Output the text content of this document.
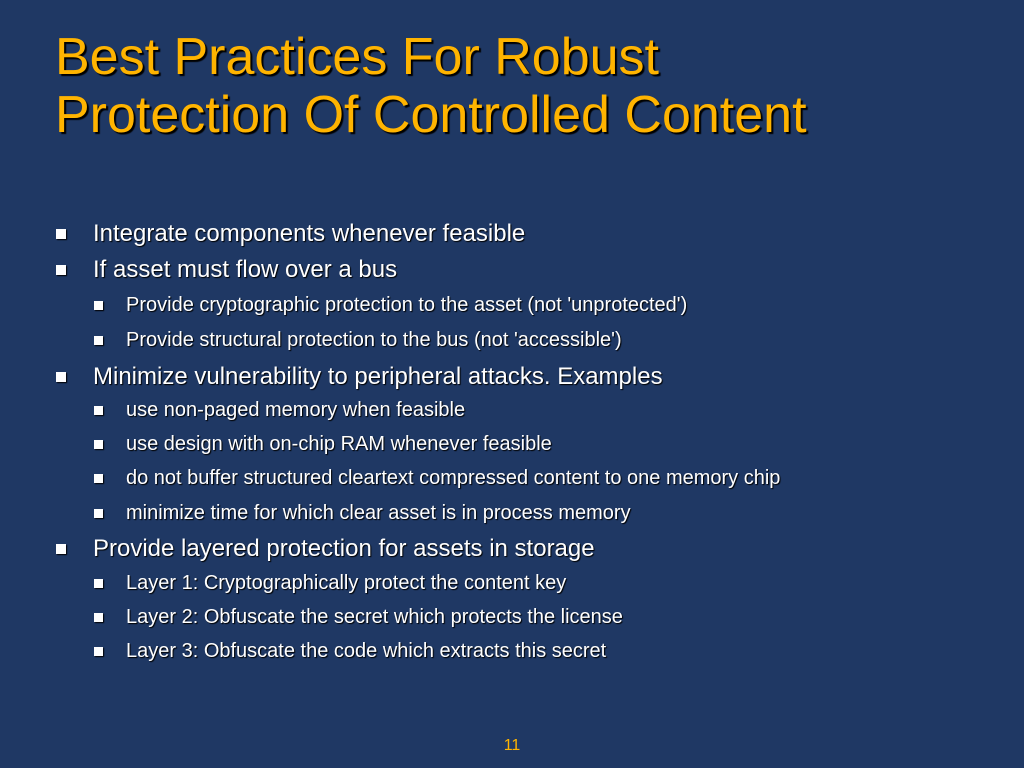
Best Practices For Robust
Protection Of Controlled Content
Integrate components whenever feasible
If asset must flow over a bus
Provide cryptographic protection to the asset (not 'unprotected')
Provide structural protection to the bus (not 'accessible')
Minimize vulnerability to peripheral attacks. Examples
use non-paged memory when feasible
use design with on-chip RAM whenever feasible
do not buffer structured cleartext compressed content to one memory chip
minimize time for which clear asset is in process memory
Provide layered protection for assets in storage
Layer 1: Cryptographically protect the content key
Layer 2: Obfuscate the secret which protects the license
Layer 3: Obfuscate the code which extracts this secret
11
